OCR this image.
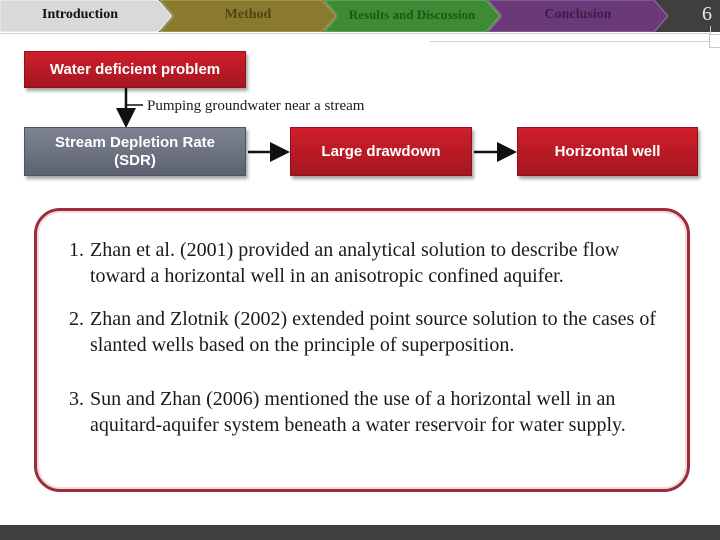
Introduction	Method	Results and Discussion	Conclusion	6
Water deficient problem
Pumping groundwater near a stream
Stream Depletion Rate
(SDR)	Large drawdown	Horizontal well
1. Zhan et al. (2001) provided an analytical solution to describe flow toward a horizontal well in an anisotropic confined aquifer.
2. Zhan and Zlotnik (2002) extended point source solution to the cases of slanted wells based on the principle of superposition.
3. Sun and Zhan (2006) mentioned the use of a horizontal well in an aquitard-aquifer system beneath a water reservoir for water supply.
